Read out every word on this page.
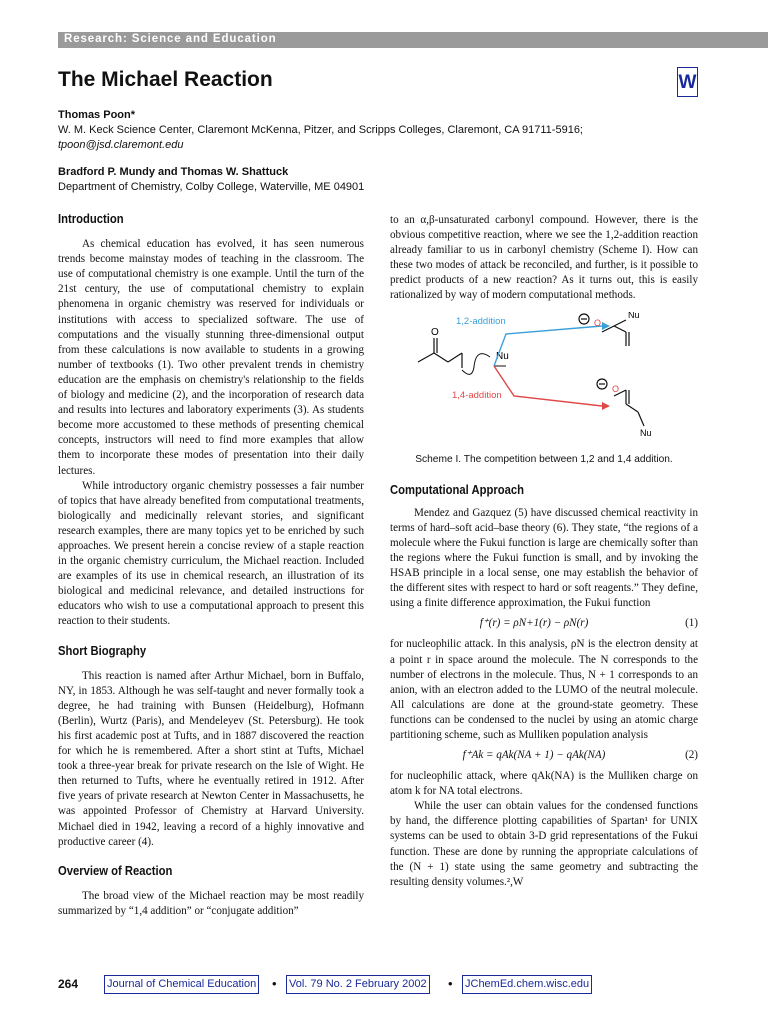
Research: Science and Education
The Michael Reaction	W
Thomas Poon*
W. M. Keck Science Center, Claremont McKenna, Pitzer, and Scripps Colleges, Claremont, CA 91711-5916;
tpoon@jsd.claremont.edu
Bradford P. Mundy and Thomas W. Shattuck
Department of Chemistry, Colby College, Waterville, ME 04901
Introduction

As chemical education has evolved, it has seen numerous trends become mainstay modes of teaching in the classroom. The use of computational chemistry is one example. Until the turn of the 21st century, the use of computational chemistry to explain phenomena in organic chemistry was reserved for individuals or institutions with access to specialized software. The use of computations and the visually stunning three-dimensional output from these calculations is now available to students in a growing number of textbooks (1). Two other prevalent trends in chemistry education are the emphasis on chemistry's relationship to the fields of biology and medicine (2), and the incorporation of research data and results into lectures and laboratory experiments (3). As students become more accustomed to these methods of presenting chemical concepts, instructors will need to find more examples that allow them to incorporate these modes of presentation into their daily lectures.

While introductory organic chemistry possesses a fair number of topics that have already benefited from computational treatments, biologically and medicinally relevant stories, and significant research examples, there are many topics yet to be enriched by such approaches. We present herein a concise review of a staple reaction in the organic chemistry curriculum, the Michael reaction. Included are examples of its use in chemical research, an illustration of its biological and medicinal relevance, and detailed instructions for educators who wish to use a computational approach to present this reaction to their students.

Short Biography

This reaction is named after Arthur Michael, born in Buffalo, NY, in 1853. Although he was self-taught and never formally took a degree, he had training with Bunsen (Heidelburg), Hofmann (Berlin), Wurtz (Paris), and Mendeleyev (St. Petersburg). He took his first academic post at Tufts, and in 1887 discovered the reaction for which he is remembered. After a short stint at Tufts, Michael took a three-year break for private research on the Isle of Wight. He then returned to Tufts, where he eventually retired in 1912. After five years of private research at Newton Center in Massachusetts, he was appointed Professor of Chemistry at Harvard University. Michael died in 1942, leaving a record of a highly innovative and productive career (4).

Overview of Reaction

The broad view of the Michael reaction may be most readily summarized by “1,4 addition” or “conjugate addition”

to an α,β-unsaturated carbonyl compound. However, there is the obvious competitive reaction, where we see the 1,2-addition reaction already familiar to us in carbonyl chemistry (Scheme I). How can these two modes of attack be reconciled, and further, is it possible to predict products of a new reaction? As it turns out, this is easily rationalized by way of modern computational methods.

O
Nu
1,2-addition
1,4-addition
O
Nu
O
Nu
Scheme I. The competition between 1,2 and 1,4 addition.
Computational Approach

Mendez and Gazquez (5) have discussed chemical reactivity in terms of hard–soft acid–base theory (6). They state, “the regions of a molecule where the Fukui function is large are chemically softer than the regions where the Fukui function is small, and by invoking the HSAB principle in a local sense, one may establish the behavior of the different sites with respect to hard or soft reagents.” They define, using a finite difference approximation, the Fukui function

f⁺(r) = ρN+1(r) − ρN(r)	(1)

for nucleophilic attack. In this analysis, ρN is the electron density at a point r in space around the molecule. The N corresponds to the number of electrons in the molecule. Thus, N + 1 corresponds to an anion, with an electron added to the LUMO of the neutral molecule. All calculations are done at the ground-state geometry. These functions can be condensed to the nuclei by using an atomic charge partitioning scheme, such as Mulliken population analysis

f⁺Ak = qAk(NA + 1) − qAk(NA)	(2)

for nucleophilic attack, where qAk(NA) is the Mulliken charge on atom k for NA total electrons.

While the user can obtain values for the condensed functions by hand, the difference plotting capabilities of Spartan¹ for UNIX systems can be used to obtain 3-D grid representations of the Fukui function. These are done by running the appropriate calculations of the (N + 1) state using the same geometry and subtracting the resulting density volumes.²,W

264	Journal of Chemical Education • Vol. 79 No. 2 February 2002 • JChemEd.chem.wisc.edu
